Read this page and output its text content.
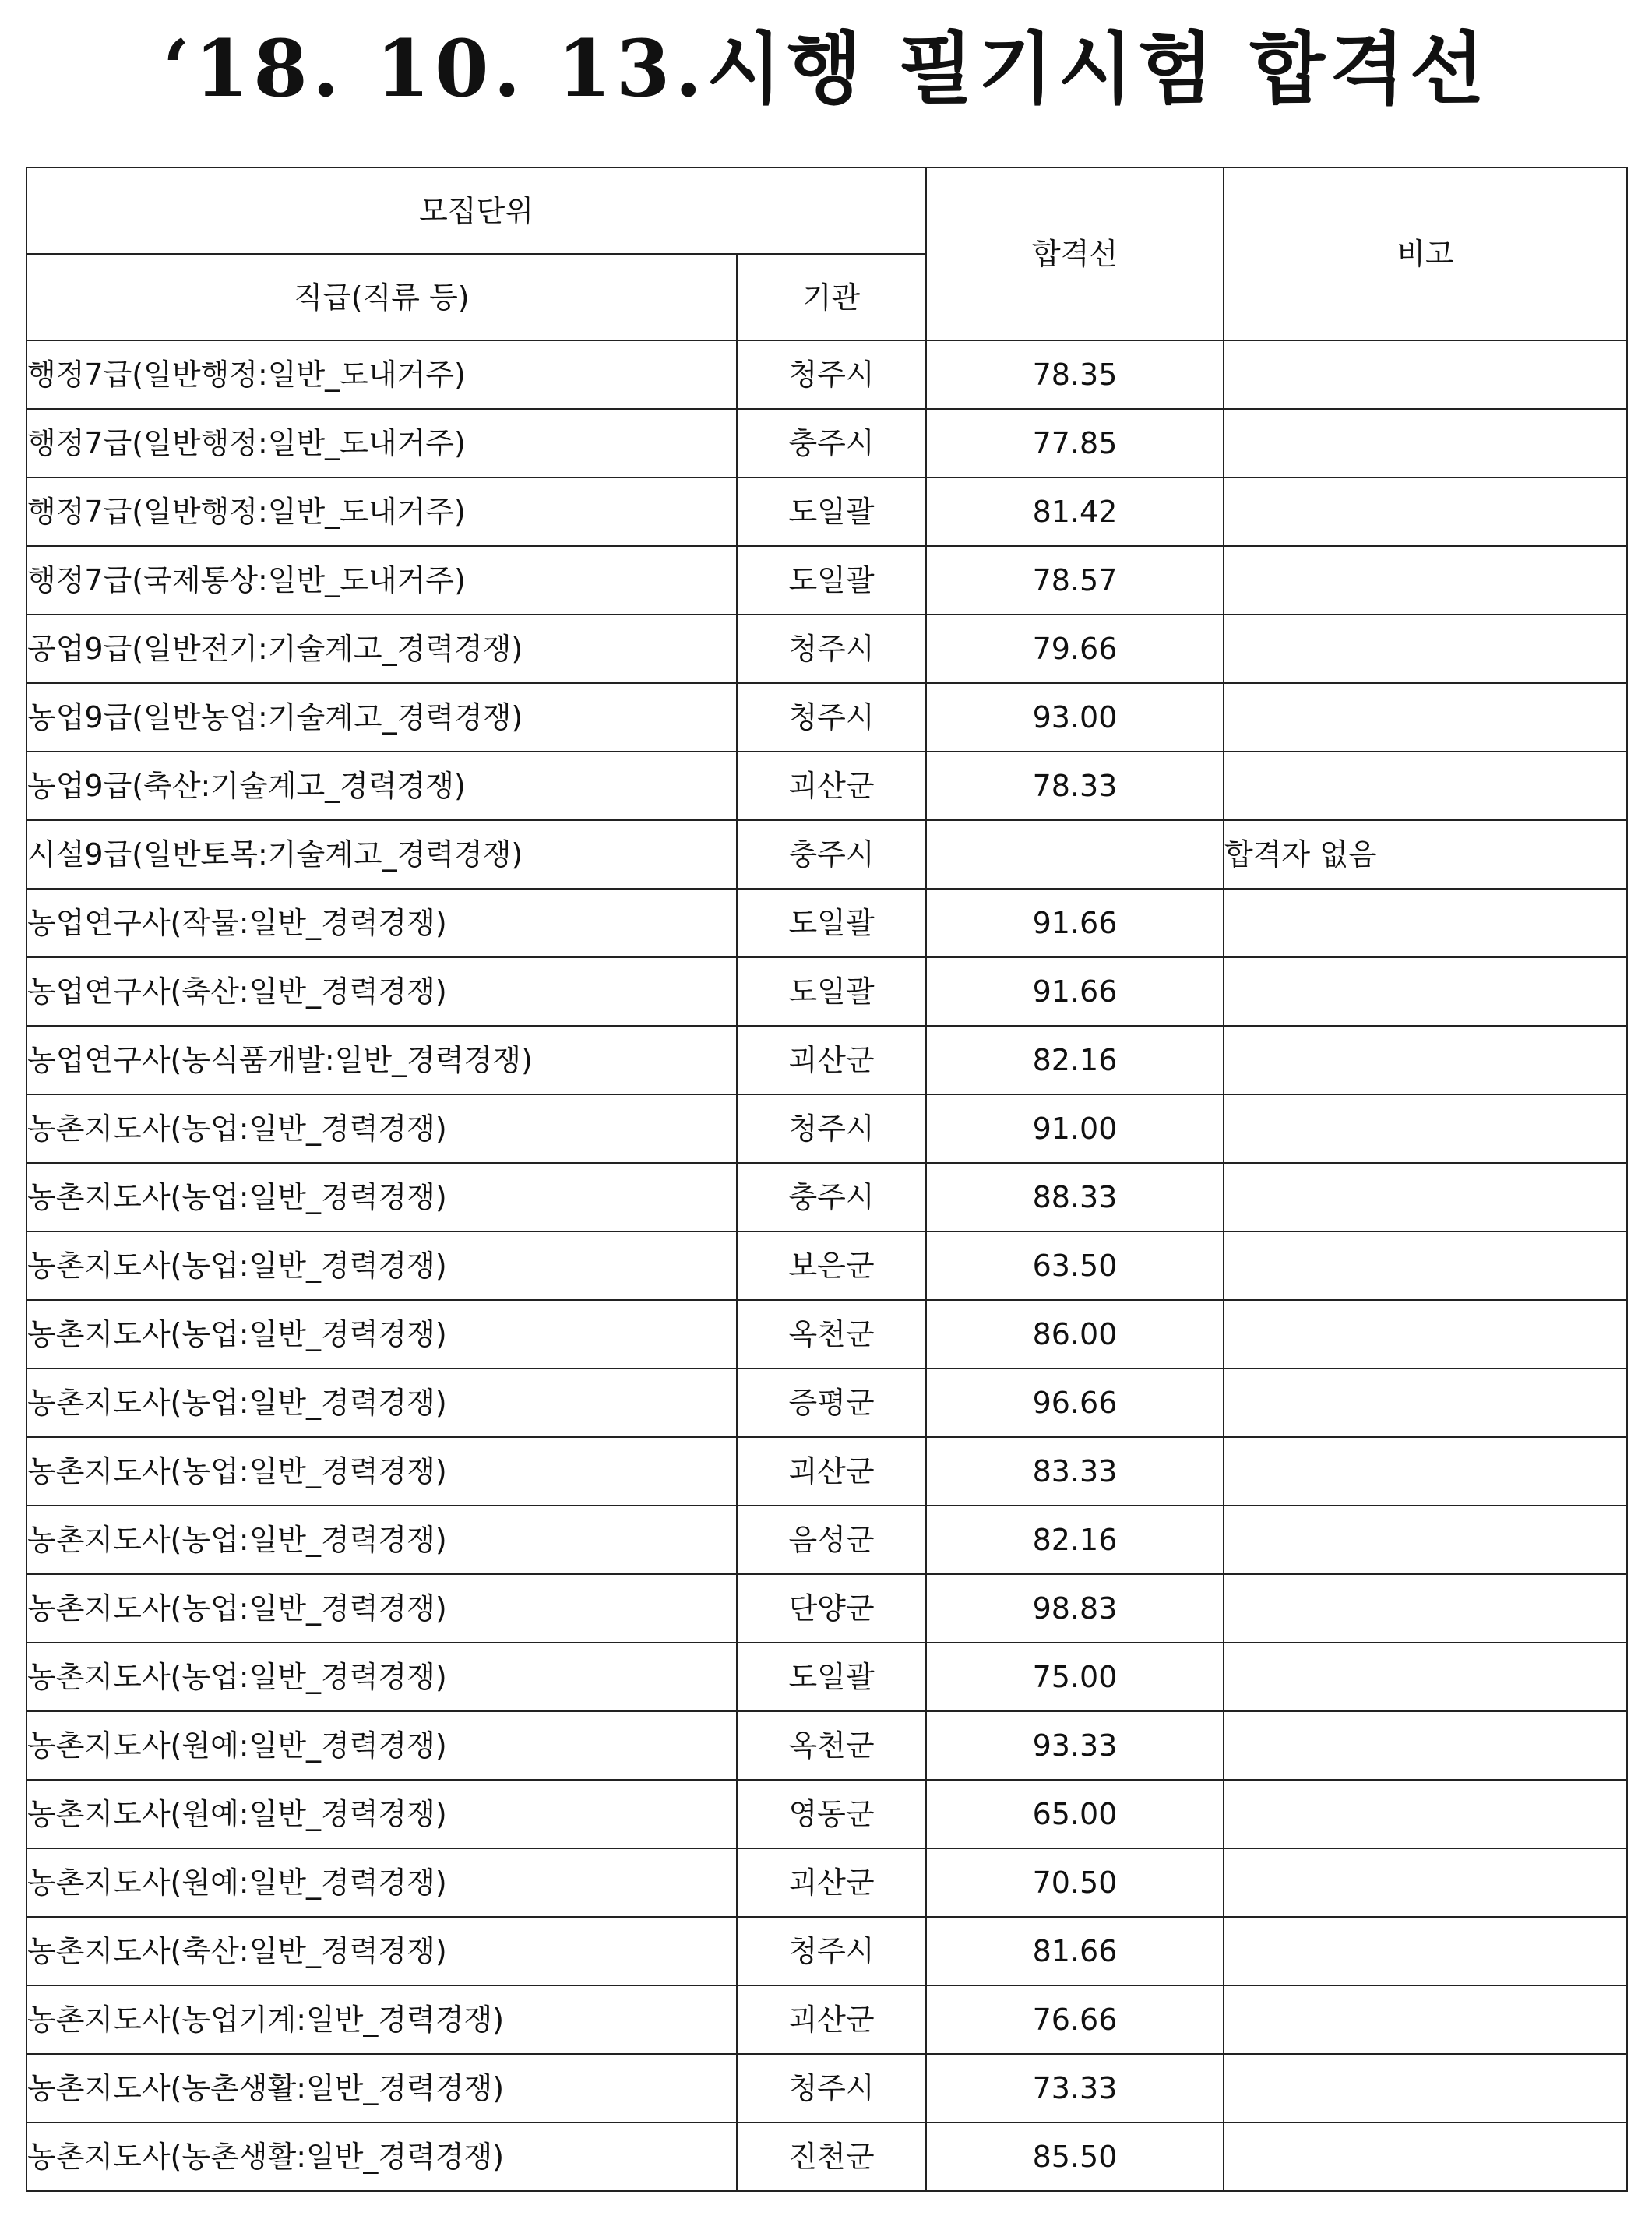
‘18. 10. 13.시행 필기시험 합격선
모집단위		합격선	비고
직급(직류 등)	기관		
행정7급(일반행정:일반_도내거주)	청주시	78.35	
행정7급(일반행정:일반_도내거주)	충주시	77.85	
행정7급(일반행정:일반_도내거주)	도일괄	81.42	
행정7급(국제통상:일반_도내거주)	도일괄	78.57	
공업9급(일반전기:기술계고_경력경쟁)	청주시	79.66	
농업9급(일반농업:기술계고_경력경쟁)	청주시	93.00	
농업9급(축산:기술계고_경력경쟁)	괴산군	78.33	
시설9급(일반토목:기술계고_경력경쟁)	충주시		합격자 없음
농업연구사(작물:일반_경력경쟁)	도일괄	91.66	
농업연구사(축산:일반_경력경쟁)	도일괄	91.66	
농업연구사(농식품개발:일반_경력경쟁)	괴산군	82.16	
농촌지도사(농업:일반_경력경쟁)	청주시	91.00	
농촌지도사(농업:일반_경력경쟁)	충주시	88.33	
농촌지도사(농업:일반_경력경쟁)	보은군	63.50	
농촌지도사(농업:일반_경력경쟁)	옥천군	86.00	
농촌지도사(농업:일반_경력경쟁)	증평군	96.66	
농촌지도사(농업:일반_경력경쟁)	괴산군	83.33	
농촌지도사(농업:일반_경력경쟁)	음성군	82.16	
농촌지도사(농업:일반_경력경쟁)	단양군	98.83	
농촌지도사(농업:일반_경력경쟁)	도일괄	75.00	
농촌지도사(원예:일반_경력경쟁)	옥천군	93.33	
농촌지도사(원예:일반_경력경쟁)	영동군	65.00	
농촌지도사(원예:일반_경력경쟁)	괴산군	70.50	
농촌지도사(축산:일반_경력경쟁)	청주시	81.66	
농촌지도사(농업기계:일반_경력경쟁)	괴산군	76.66	
농촌지도사(농촌생활:일반_경력경쟁)	청주시	73.33	
농촌지도사(농촌생활:일반_경력경쟁)	진천군	85.50	
